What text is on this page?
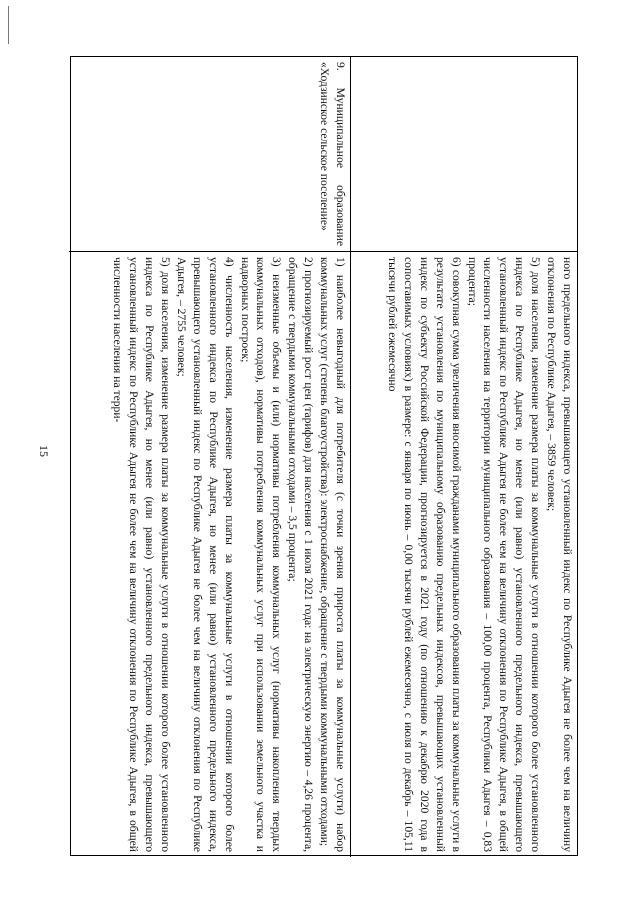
15	ного предельного индекса, превышающего установленный индекс по Республике Адыгея не более чем на величину отклонения по Республике Адыгея, – 3859 человек;

5) доля населения, изменение размера платы за коммунальные услуги в отношении которого более установленного индекса по Республике Адыгея, но менее (или равно) установленного предельного индекса, превышающего установленный индекс по Республике Адыгея не более чем на величину отклонения по Республике Адыгея, в общей численности населения на территории муниципального образования – 100,00 процента, Республики Адыгея – 0,83 процента;

6) совокупная сумма увеличения вносимой гражданами муниципального образования платы за коммунальные услуги в результате установления по муниципальному образованию предельных индексов, превышающих установленный индекс по субъекту Российской Федерации, прогнозируется в 2021 году (по отношению к декабрю 2020 года в сопоставимых условиях) в размере: с января по июнь – 0,00 тысячи рублей ежемесячно, с июля по декабрь – 105,11 тысячи рублей ежемесячно

9. Муниципальное образование «Ходзинское сельское поселение»

1) наиболее невыгодный для потребителя (с точки зрения прироста платы за коммунальные услуги) набор коммунальных услуг (степень благоустройства): электроснабжение, обращение с твердыми коммунальными отходами;

2) прогнозируемый рост цен (тарифов) для населения с 1 июля 2021 года: на электрическую энергию – 4,26 процента, обращение с твердыми коммунальными отходами – 3,5 процента;

3) неизменные объемы и (или) нормативы потребления коммунальных услуг (нормативы накопления твердых коммунальных отходов), нормативы потребления коммунальных услуг при использовании земельного участка и надворных построек;

4) численность населения, изменение размера платы за коммунальные услуги в отношении которого более установленного индекса по Республике Адыгея, но менее (или равно) установленного предельного индекса, превышающего установленный индекс по Республике Адыгея не более чем на величину отклонения по Республике Адыгея, – 2755 человек;

5) доля населения, изменение размера платы за коммунальные услуги в отношении которого более установленного индекса по Республике Адыгея, но менее (или равно) установленного предельного индекса, превышающего установленный индекс по Республике Адыгея не более чем на величину отклонения по Республике Адыгея, в общей численности населения на терри-
